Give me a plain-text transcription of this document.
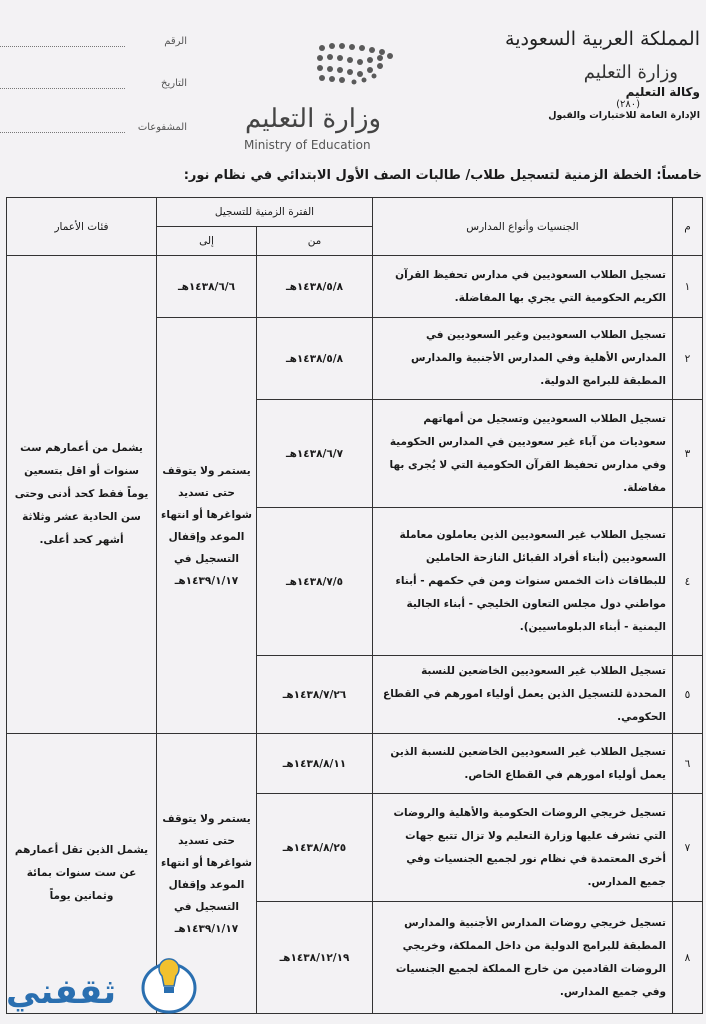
المملكة العربية السعودية
وزارة التعليم
وكالة التعليم
(٢٨٠)
الإدارة العامة للاختبارات والقبول
وزارة التعليم
Ministry of Education
الرقم
التاريخ
المشفوعات
خامساً: الخطة الزمنية لتسجيل طلاب/ طالبات الصف الأول الابتدائي في نظام نور:
م	الجنسيات وأنواع المدارس	الفترة الزمنية للتسجيل		فئات الأعمار
		من	إلى	
١	تسجيل الطلاب السعوديين في مدارس تحفيظ القرآن الكريم الحكومية التي يجري بها المفاضلة.	١٤٣٨/٥/٨هـ	١٤٣٨/٦/٦هـ	يشمل من أعمارهم ست سنوات أو اقل بتسعين يوماً فقط كحد أدنى وحتى سن الحادية عشر وثلاثة أشهر كحد أعلى.
٢	تسجيل الطلاب السعوديين وغير السعوديين في المدارس الأهلية وفي المدارس الأجنبية والمدارس المطبقة للبرامج الدولية.	١٤٣٨/٥/٨هـ	يستمر ولا يتوقف حتى تسديد شواغرها أو انتهاء الموعد وإقفال التسجيل في ١٤٣٩/١/١٧هـ	
٣	تسجيل الطلاب السعوديين وتسجيل من أمهاتهم سعوديات من آباء غير سعوديين في المدارس الحكومية وفي مدارس تحفيظ القرآن الحكومية التي لا يُجرى بها مفاضلة.	١٤٣٨/٦/٧هـ		
٤	تسجيل الطلاب غير السعوديين الذين يعاملون معاملة السعوديين (أبناء أفراد القبائل النازحة الحاملين للبطاقات ذات الخمس سنوات ومن في حكمهم - أبناء مواطني دول مجلس التعاون الخليجي - أبناء الجالية اليمنية - أبناء الدبلوماسيين).	١٤٣٨/٧/٥هـ		
٥	تسجيل الطلاب غير السعوديين الخاضعين للنسبة المحددة للتسجيل الذين يعمل أولياء امورهم في القطاع الحكومي.	١٤٣٨/٧/٢٦هـ		
٦	تسجيل الطلاب غير السعوديين الخاضعين للنسبة الذين يعمل أولياء امورهم في القطاع الخاص.	١٤٣٨/٨/١١هـ	يستمر ولا يتوقف حتى تسديد شواغرها أو انتهاء الموعد وإقفال التسجيل في ١٤٣٩/١/١٧هـ	يشمل الذين تقل أعمارهم عن ست سنوات بمائة وثمانين يوماً
٧	تسجيل خريجي الروضات الحكومية والأهلية والروضات التي تشرف عليها وزارة التعليم ولا تزال تتبع جهات أخرى المعتمدة في نظام نور لجميع الجنسيات وفي جميع المدارس.	١٤٣٨/٨/٢٥هـ		
٨	تسجيل خريجي روضات المدارس الأجنبية والمدارس المطبقة للبرامج الدولية من داخل المملكة، وخريجي الروضات القادمين من خارج المملكة لجميع الجنسيات وفي جميع المدارس.	١٤٣٨/١٢/١٩هـ		
ثقفني
